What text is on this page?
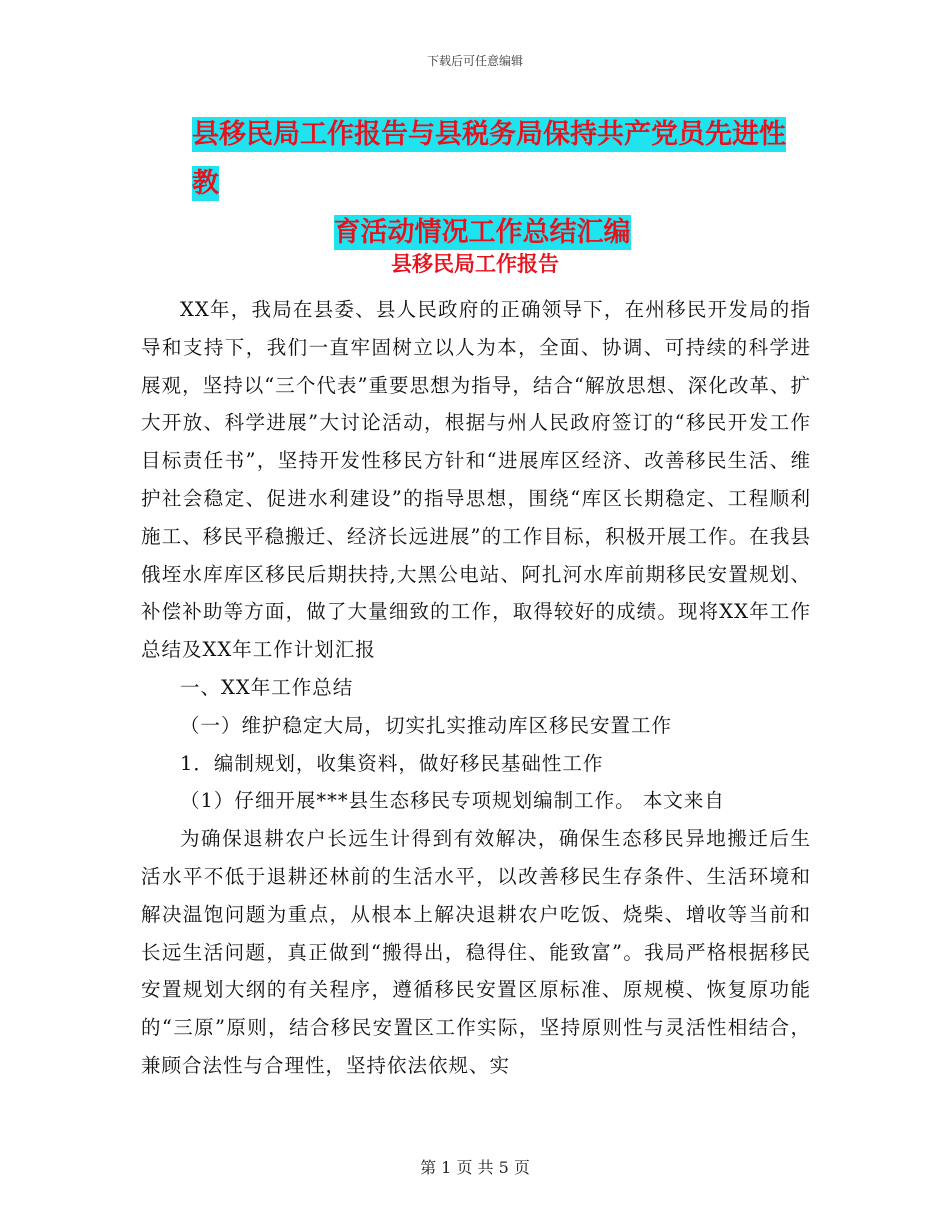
下载后可任意编辑
县移民局工作报告与县税务局保持共产党员先进性教
育活动情况工作总结汇编
县移民局工作报告

XX年，我局在县委、县人民政府的正确领导下，在州移民开发局的指导和支持下，我们一直牢固树立以人为本，全面、协调、可持续的科学进展观，坚持以“三个代表”重要思想为指导，结合“解放思想、深化改革、扩大开放、科学进展”大讨论活动，根据与州人民政府签订的“移民开发工作目标责任书”，坚持开发性移民方针和“进展库区经济、改善移民生活、维护社会稳定、促进水利建设”的指导思想，围绕“库区长期稳定、工程顺利施工、移民平稳搬迁、经济长远进展”的工作目标，积极开展工作。在我县俄垤水库库区移民后期扶持,大黑公电站、阿扎河水库前期移民安置规划、补偿补助等方面，做了大量细致的工作，取得较好的成绩。现将XX年工作总结及XX年工作计划汇报

一、XX年工作总结

（一）维护稳定大局，切实扎实推动库区移民安置工作

1．编制规划，收集资料，做好移民基础性工作

（1）仔细开展***县生态移民专项规划编制工作。 本文来自

为确保退耕农户长远生计得到有效解决，确保生态移民异地搬迁后生活水平不低于退耕还林前的生活水平，以改善移民生存条件、生活环境和解决温饱问题为重点，从根本上解决退耕农户吃饭、烧柴、增收等当前和长远生活问题，真正做到“搬得出，稳得住、能致富”。我局严格根据移民安置规划大纲的有关程序，遵循移民安置区原标准、原规模、恢复原功能的“三原”原则，结合移民安置区工作实际，坚持原则性与灵活性相结合，兼顾合法性与合理性，坚持依法依规、实

第 1 页 共 5 页
